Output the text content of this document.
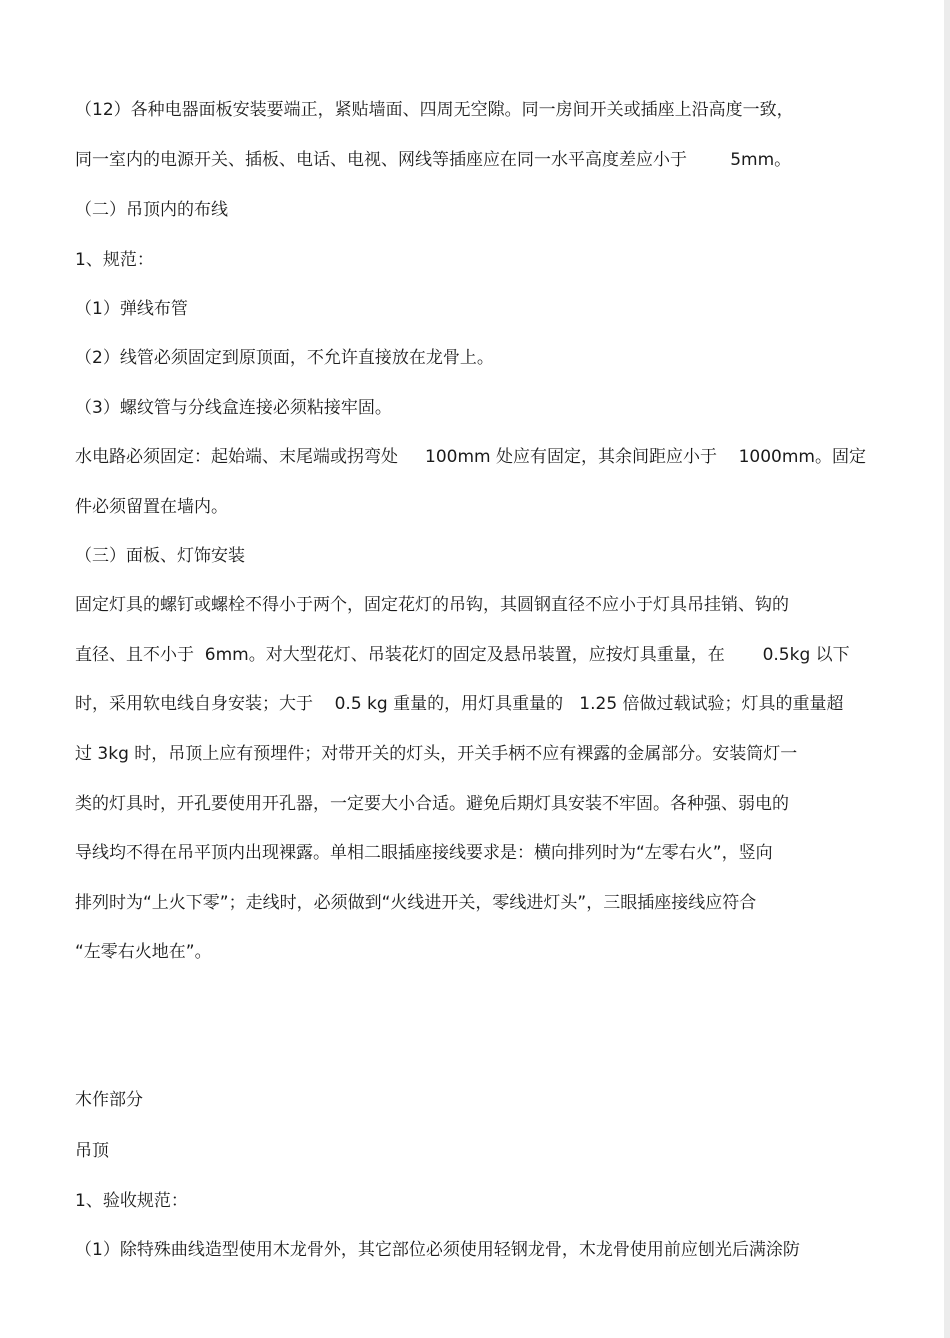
（12）各种电器面板安装要端正，紧贴墙面、四周无空隙。同一房间开关或插座上沿高度一致，
同一室内的电源开关、插板、电话、电视、网线等插座应在同一水平高度差应小于        5mm。
（二）吊顶内的布线
1、规范：
（1）弹线布管
（2）线管必须固定到原顶面，不允许直接放在龙骨上。
（3）螺纹管与分线盒连接必须粘接牢固。
水电路必须固定：起始端、末尾端或拐弯处     100mm 处应有固定，其余间距应小于    1000mm。固定
件必须留置在墙内。
（三）面板、灯饰安装
固定灯具的螺钉或螺栓不得小于两个，固定花灯的吊钩，其圆钢直径不应小于灯具吊挂销、钩的
直径、且不小于  6mm。对大型花灯、吊装花灯的固定及悬吊装置，应按灯具重量，在       0.5kg 以下
时，采用软电线自身安装；大于    0.5 kg 重量的，用灯具重量的   1.25 倍做过载试验；灯具的重量超
过 3kg 时，吊顶上应有预埋件；对带开关的灯头，开关手柄不应有裸露的金属部分。安装筒灯一
类的灯具时，开孔要使用开孔器，一定要大小合适。避免后期灯具安装不牢固。各种强、弱电的
导线均不得在吊平顶内出现裸露。单相二眼插座接线要求是：横向排列时为“左零右火”，竖向
排列时为“上火下零”；走线时，必须做到“火线进开关，零线进灯头”，三眼插座接线应符合
“左零右火地在”。
木作部分
吊顶
1、验收规范：
（1）除特殊曲线造型使用木龙骨外，其它部位必须使用轻钢龙骨，木龙骨使用前应刨光后满涂防
